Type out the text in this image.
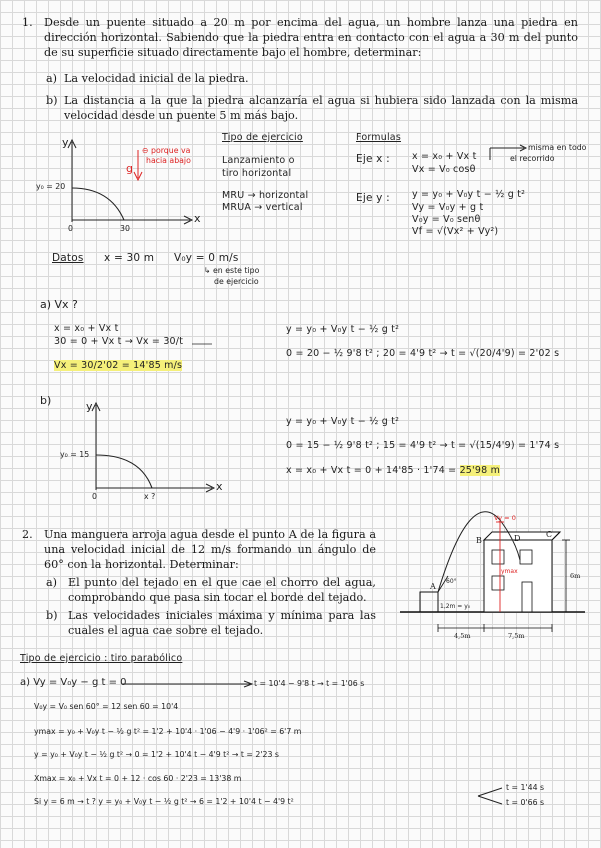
1. Desde un puente situado a 20 m por encima del agua, un hombre lanza una piedra en dirección horizontal. Sabiendo que la piedra entra en contacto con el agua a 30 m del punto de su superficie situado directamente bajo el hombre, determinar:
a) La velocidad inicial de la piedra.
b) La distancia a la que la piedra alcanzaría el agua si hubiera sido lanzada con la misma velocidad desde un puente 5 m más bajo.
y
x
y₀ = 20
0	30
g
⊖ porque va
hacia abajo
Tipo de ejercicio
Lanzamiento o
tiro horizontal
MRU → horizontal
MRUA → vertical
Formulas
Eje x : x = x₀ + Vx t
Vx = V₀ cosθ
misma en todo
el recorrido
Eje y : y = y₀ + V₀y t − ½ g t²
Vy = V₀y + g t
V₀y = V₀ senθ
Vf = √(Vx² + Vy²)
Datos x = 30 m V₀y = 0 m/s
↳ en este tipo
de ejercicio
a) Vx ?
x = x₀ + Vx t
30 = 0 + Vx t → Vx = 30/t
Vx = 30/2'02 = 14'85 m/s
y = y₀ + V₀y t − ½ g t²
0 = 20 − ½ 9'8 t² ; 20 = 4'9 t² → t = √(20/4'9) = 2'02 s
b)	y
x
y₀ = 15
0	x ?
y = y₀ + V₀y t − ½ g t²
0 = 15 − ½ 9'8 t² ; 15 = 4'9 t² → t = √(15/4'9) = 1'74 s
x = x₀ + Vx t = 0 + 14'85 · 1'74 = 25'98 m
2. Una manguera arroja agua desde el punto A de la figura a una velocidad inicial de 12 m/s formando un ángulo de 60° con la horizontal. Determinar:
a) El punto del tejado en el que cae el chorro del agua, comprobando que pasa sin tocar el borde del tejado.
b) Las velocidades iniciales máxima y mínima para las cuales el agua cae sobre el tejado.
Vy = 0
B	D	C
A
60°
ymax
6m
1,2m = y₀
4,5m	7,5m
Tipo de ejercicio : tiro parabólico
a) Vy = V₀y − g t = 0	t = 10'4 − 9'8 t → t = 1'06 s
V₀y = V₀ sen 60° = 12 sen 60 = 10'4
ymax = y₀ + V₀y t − ½ g t² = 1'2 + 10'4 · 1'06 − 4'9 · 1'06² = 6'7 m
y = y₀ + V₀y t − ½ g t² → 0 = 1'2 + 10'4 t − 4'9 t² → t = 2'23 s
Xmax = x₀ + Vx t = 0 + 12 · cos 60 · 2'23 = 13'38 m
Si y = 6 m → t ? y = y₀ + V₀y t − ½ g t² → 6 = 1'2 + 10'4 t − 4'9 t²
t = 1'44 s
t = 0'66 s
